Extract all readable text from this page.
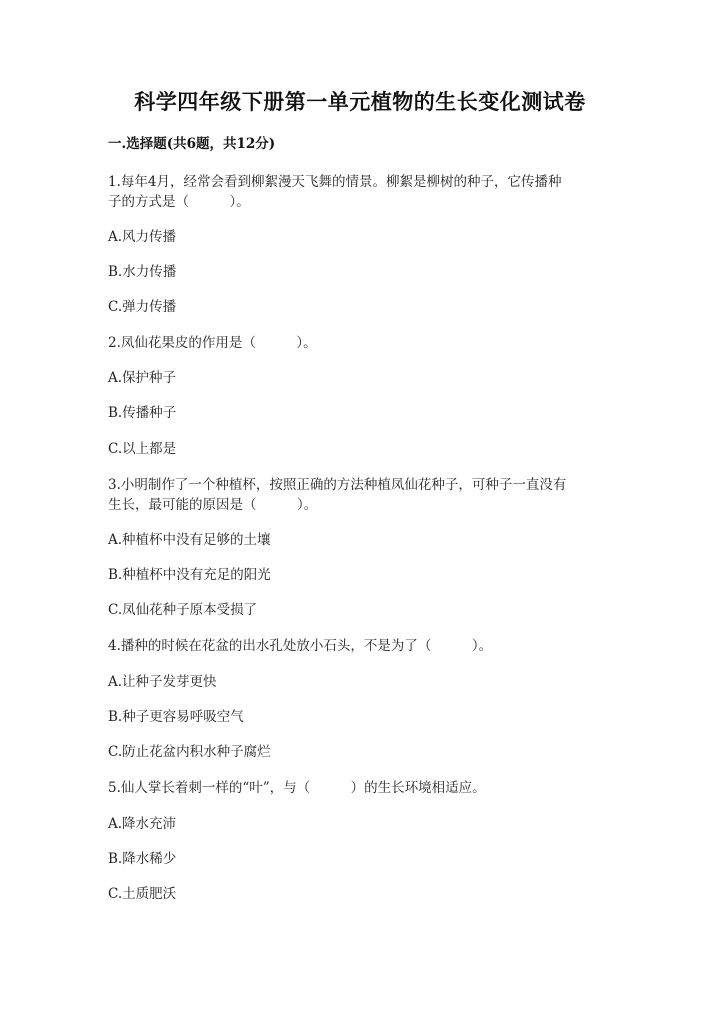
科学四年级下册第一单元植物的生长变化测试卷
一.选择题(共6题，共12分)
1.每年4月，经常会看到柳絮漫天飞舞的情景。柳絮是柳树的种子，它传播种
子的方式是（　　　）。
A.风力传播
B.水力传播
C.弹力传播
2.凤仙花果皮的作用是（　　　）。
A.保护种子
B.传播种子
C.以上都是
3.小明制作了一个种植杯，按照正确的方法种植凤仙花种子，可种子一直没有
生长，最可能的原因是（　　　）。
A.种植杯中没有足够的土壤
B.种植杯中没有充足的阳光
C.凤仙花种子原本受损了
4.播种的时候在花盆的出水孔处放小石头，不是为了（　　　）。
A.让种子发芽更快
B.种子更容易呼吸空气
C.防止花盆内积水种子腐烂
5.仙人掌长着刺一样的“叶”，与（　　　）的生长环境相适应。
A.降水充沛
B.降水稀少
C.土质肥沃
